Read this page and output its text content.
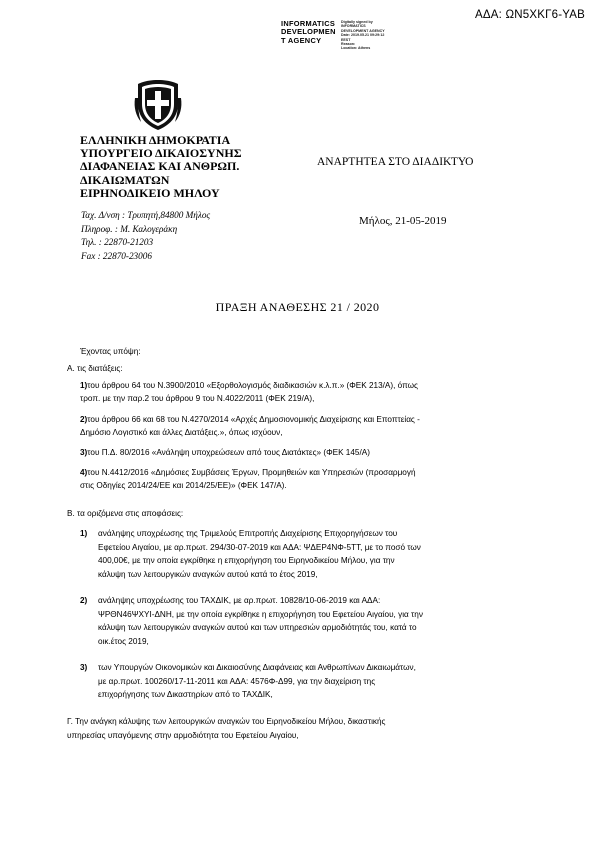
ΑΔΑ: ΩΝ5ΧΚΓ6-ΥΑΒ
INFORMATICS
DEVELOPMEN
T AGENCY
Digitally signed by
INFORMATICS
DEVELOPMENT AGENCY
Date: 2019.05.21 09:29:12
EEST
Reason:
Location: Athens
ΕΛΛΗΝΙΚΗ ΔΗΜΟΚΡΑΤΙΑ
ΥΠΟΥΡΓΕΙΟ ΔΙΚΑΙΟΣΥΝΗΣ
ΔΙΑΦΑΝΕΙΑΣ ΚΑΙ ΑΝΘΡΩΠ.
ΔΙΚΑΙΩΜΑΤΩΝ
ΕΙΡΗΝΟΔΙΚΕΙΟ ΜΗΛΟΥ
Ταχ. Δ/νση : Τρυπητή,84800 Μήλος
Πληροφ. : Μ. Καλογεράκη
Τηλ. : 22870-21203
Fax : 22870-23006
ΑΝΑΡΤΗΤΕΑ ΣΤΟ ΔΙΑΔΙΚΤΥΟ
Μήλος, 21-05-2019
ΠΡΑΞΗ ΑΝΑΘΕΣΗΣ 21 / 2020
Έχοντας υπόψη:
Α. τις διατάξεις:
1)του άρθρου 64 του Ν.3900/2010 «Εξορθολογισμός διαδικασιών κ.λ.π.» (ΦΕΚ 213/Α), όπως
τροπ. με την παρ.2 του άρθρου 9 του Ν.4022/2011 (ΦΕΚ 219/Α),
2)του άρθρου 66 και 68 του Ν.4270/2014 «Αρχές Δημοσιονομικής Διαχείρισης και Εποπτείας -
Δημόσιο Λογιστικό και άλλες Διατάξεις.», όπως ισχύουν,
3)του Π.Δ. 80/2016 «Ανάληψη υποχρεώσεων από τους Διατάκτες» (ΦΕΚ 145/Α)
4)του Ν.4412/2016 «Δημόσιες Συμβάσεις Έργων, Προμηθειών και Υπηρεσιών (προσαρμογή
στις Οδηγίες 2014/24/ΕΕ και 2014/25/ΕΕ)» (ΦΕΚ 147/Α).
Β. τα οριζόμενα στις αποφάσεις:
1) ανάληψης υποχρέωσης της Τριμελούς Επιτροπής Διαχείρισης Επιχορηγήσεων του
Εφετείου Αιγαίου, με αρ.πρωτ. 294/30-07-2019 και ΑΔΑ: ΨΔΕΡ4ΝΦ-5ΤΤ, με το ποσό των
400,00€, με την οποία εγκρίθηκε η επιχορήγηση του Ειρηνοδικείου Μήλου, για την
κάλυψη των λειτουργικών αναγκών αυτού κατά το έτος 2019,
2) ανάληψης υποχρέωσης του ΤΑΧΔΙΚ, με αρ.πρωτ. 10828/10-06-2019 και ΑΔΑ:
ΨΡΘΝ46ΨΧΥΙ-ΔΝΗ, με την οποία εγκρίθηκε η επιχορήγηση του Εφετείου Αιγαίου, για την
κάλυψη των λειτουργικών αναγκών αυτού και των υπηρεσιών αρμοδιότητάς του, κατά το
οικ.έτος 2019,
3) των Υπουργών Οικονομικών και Δικαιοσύνης Διαφάνειας και Ανθρωπίνων Δικαιωμάτων,
με αρ.πρωτ. 100260/17-11-2011 και ΑΔΑ: 4576Φ-Δ99, για την διαχείριση της
επιχορήγησης των Δικαστηρίων από το ΤΑΧΔΙΚ,
Γ. Την ανάγκη κάλυψης των λειτουργικών αναγκών του Ειρηνοδικείου Μήλου, δικαστικής
υπηρεσίας υπαγόμενης στην αρμοδιότητα του Εφετείου Αιγαίου,
